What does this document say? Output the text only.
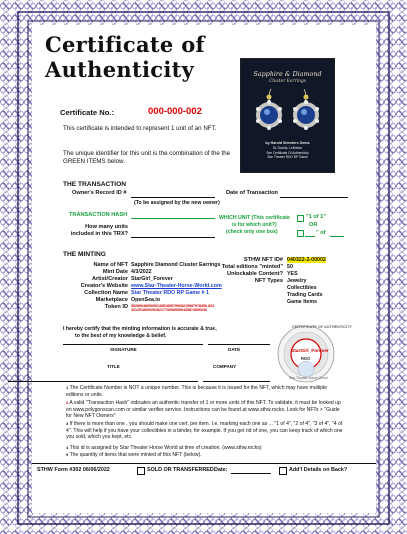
Certificate of
Authenticity	Sapphire & Diamond
Cluster Earrings
by Harold Streeters Gems
St. Davids, LeBreton
See Certificate Of Authenticity
Star Theater RDO RP Game
Certificate No.:	000-000-002
This certificate is intended to represent 1 unit of an NFT.
The unique identifier for this unit is the combination of the the GREEN ITEMS below.
THE TRANSACTION
Owner's Record ID #
(To be assigned by the new owner)
Date of Transaction
TRANSACTION HASH	WHICH UNIT (This certificate
is for which unit?)
(check only one box)
"1 of 1"
OR
" of
How many units
included in this TRX?
THE MINTING
Name of NFT Sapphire Diamond Cluster Earrings
Mint Date 4/3/2022
Artist/Creator StarGirl_Forever
Creator's Website www.Star-Theater-Horse-World.com
Collection Name Star Theater RDO RP Game # 1
Marketplace OpenSea.io
Token ID 55289948090991395189579968215987978456-82332125180092928217706989556435874896636
STHW NFT ID# 040322-2-00002
Total editions "minted" 50
Unlockable Content? YES
NFT Types Jewelry
Collectibles
Trading Cards
Game Items
I hereby certify that the minting information is accurate & true,
to the best of my knowledge & belief.
CERTIFICATE OF AUTHENTICITY
StarGirl_Forever
RDO
Star Theater Horse World
SIGNATURE	DATE
TITLE	COMPANY
$^1$ The Certificate Number is NOT a unique number. This is because it is issued for the NFT, which may have multiple editions or units.
$^2$ A valid "Transaction Hash" indicates an authentic transfer of 1 or more units of this NFT. To validate, it must be looked up on www.polygonscan.com or similar verifier service. Instructions can be found at www.sthw.rocks. Look for NFTs > "Guide for New NFT Owners"
$^3$ If there is more than one , you should make one cert. per item. I.e. marking each one as ... "1 of 4", "2 of 4", "3 of 4", "4 of 4". This will help if you have your collectibles in a binder, for example. If you get rid of one, you can keep track of which one you sold, which you kept, etc.
$^4$ This id is assigned by Star Theater Horse World at time of creation. (www.sthw.rocks)
$^5$ The quantity of items that were minted of this NFT (below).
STHW Form #302 06/06/2022	SOLD OR TRANSFERRED.
Date:	Add'l Details on Back?
